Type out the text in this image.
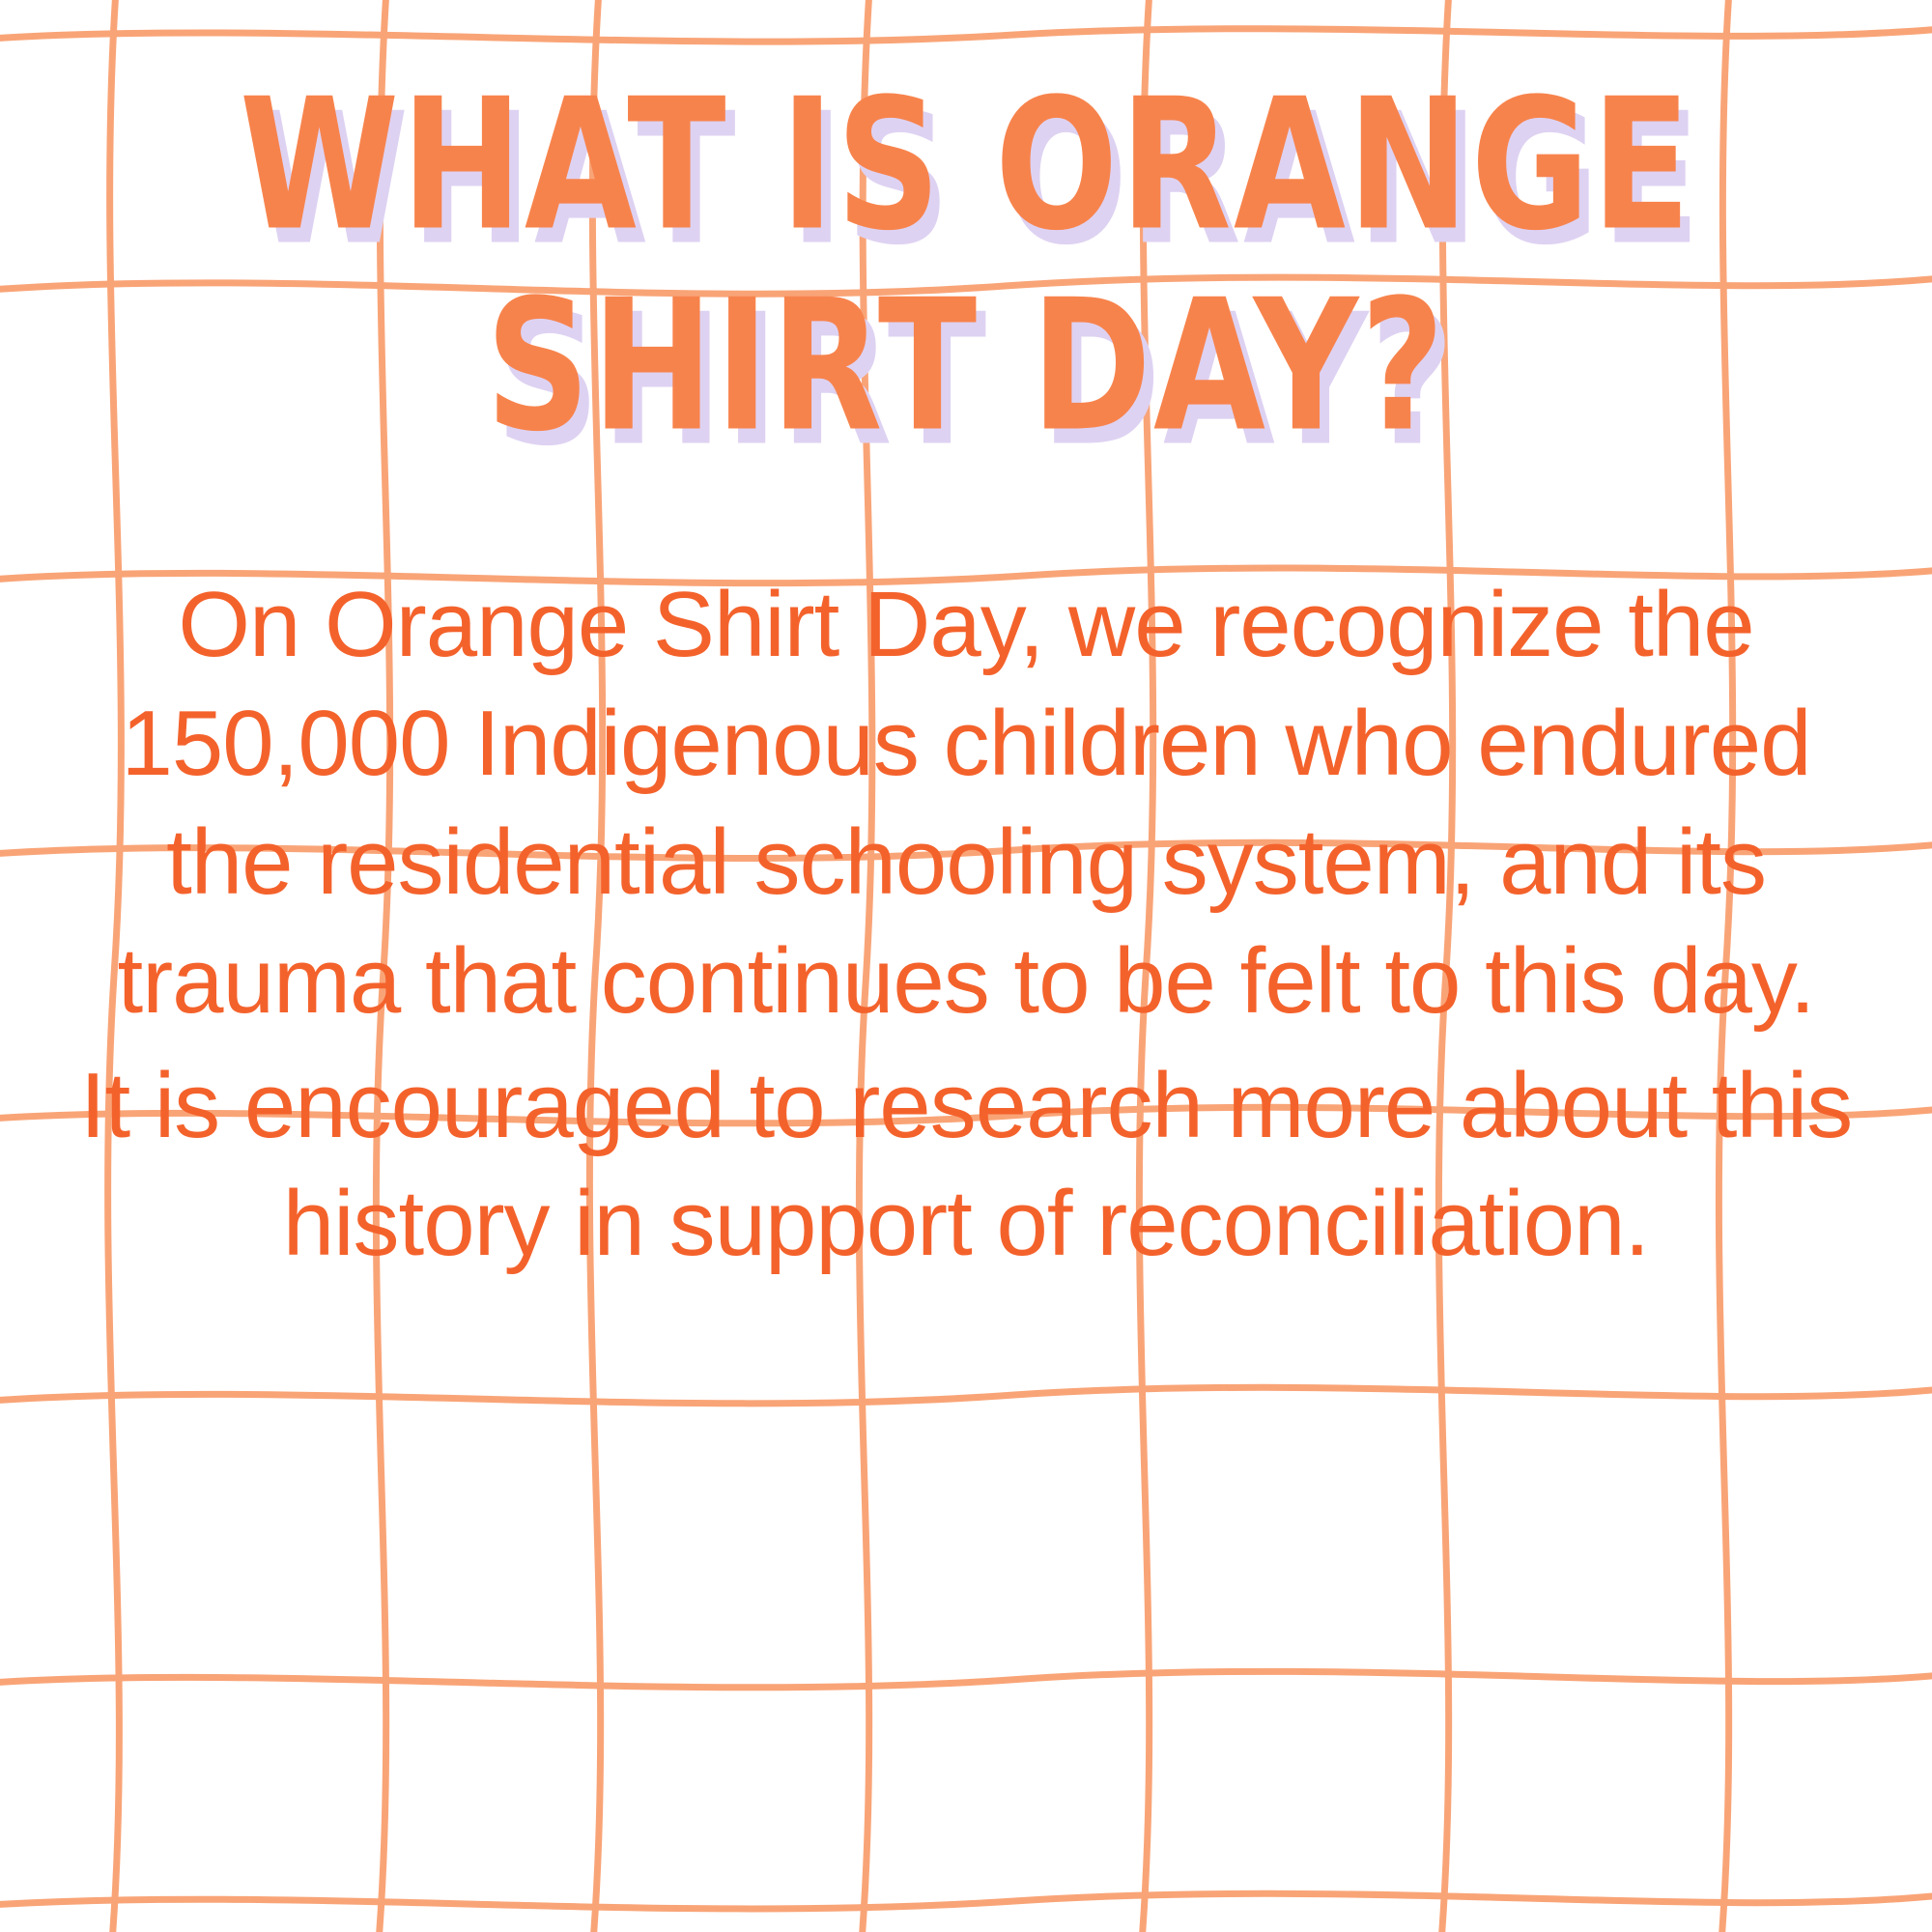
WHAT IS ORANGE
SHIRT DAY?

On Orange Shirt Day, we recognize the 150,000 Indigenous children who endured the residential schooling system, and its trauma that continues to be felt to this day.

It is encouraged to research more about this history in support of reconciliation.
